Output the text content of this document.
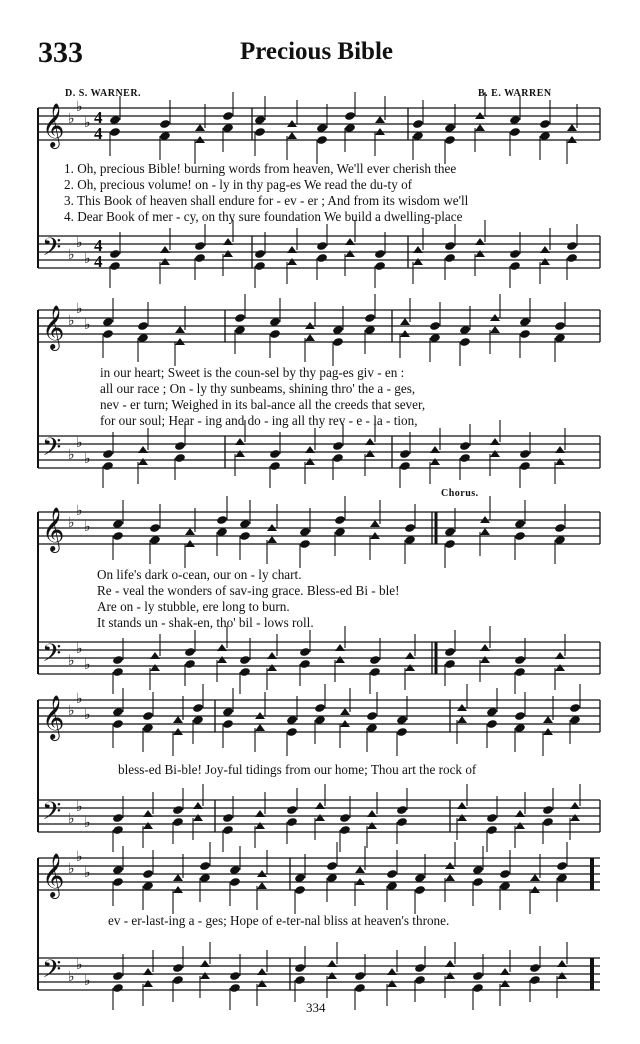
333	Precious Bible
D. S. WARNER.	B. E. WARREN
𝄞
𝄢
♭
♭
♭
♭
♭
♭
4
4
4
4
𝄞
𝄢
♭
♭
♭
♭
♭
♭
𝄞
𝄢
♭
♭
♭
♭
♭
♭
𝄞
𝄢
♭
♭
♭
♭
♭
♭
𝄞
𝄢
♭
♭
♭
♭
♭
♭
1. Oh, precious Bible! burning words from heaven, We'll ever cherish thee
2. Oh, precious volume! on - ly in thy pag-es We read the du-ty of
3. This Book of heaven shall endure for - ev - er ; And from its wisdom we'll
4. Dear Book of mer - cy, on thy sure foundation We build a dwelling-place
in our heart; Sweet is the coun-sel by thy pag-es giv - en :
all our race ; On - ly thy sunbeams, shining thro' the a - ges,
nev - er turn; Weighed in its bal-ance all the creeds that sever,
for our soul; Hear - ing and do - ing all thy rev - e - la - tion,
Chorus.
On life's dark o-cean, our on - ly chart.
Re - veal the wonders of sav-ing grace. Bless-ed Bi - ble!
Are on - ly stubble, ere long to burn.
It stands un - shak-en, tho' bil - lows roll.
bless-ed Bi-ble! Joy-ful tidings from our home; Thou art the rock of
ev - er-last-ing a - ges; Hope of e-ter-nal bliss at heaven's throne.
334
